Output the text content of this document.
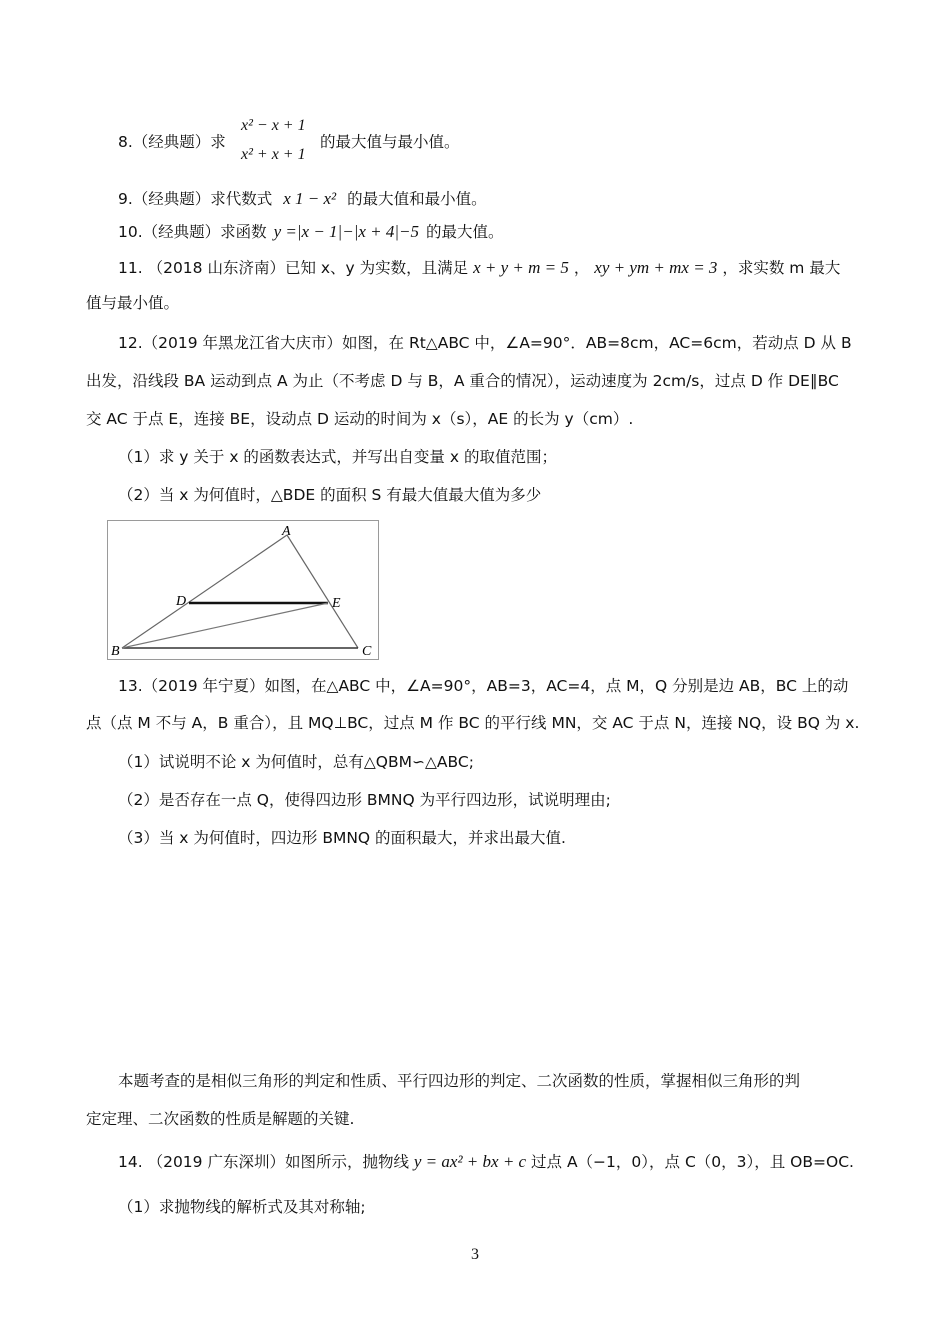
8.（经典题）求
x² − x + 1
x² + x + 1
的最大值与最小值。
9.（经典题）求代数式 x 1 − x² 的最大值和最小值。
10.（经典题）求函数 y =|x − 1|−|x + 4|−5 的最大值。
11. （2018 山东济南）已知 x、y 为实数，且满足 x + y + m = 5 ， xy + ym + mx = 3 ，求实数 m 最大
值与最小值。
12.（2019 年黑龙江省大庆市）如图，在 Rt△ABC 中，∠A=90°．AB=8cm，AC=6cm，若动点 D 从 B
出发，沿线段 BA 运动到点 A 为止（不考虑 D 与 B，A 重合的情况），运动速度为 2cm/s，过点 D 作 DE∥BC
交 AC 于点 E，连接 BE，设动点 D 运动的时间为 x（s），AE 的长为 y（cm）.
（1）求 y 关于 x 的函数表达式，并写出自变量 x 的取值范围；
（2）当 x 为何值时，△BDE 的面积 S 有最大值最大值为多少
A
B	C
D	E
13.（2019 年宁夏）如图，在△ABC 中，∠A=90°，AB=3，AC=4，点 M，Q 分别是边 AB，BC 上的动
点（点 M 不与 A，B 重合），且 MQ⊥BC，过点 M 作 BC 的平行线 MN，交 AC 于点 N，连接 NQ，设 BQ 为 x.
（1）试说明不论 x 为何值时，总有△QBM∽△ABC;
（2）是否存在一点 Q，使得四边形 BMNQ 为平行四边形，试说明理由;
（3）当 x 为何值时，四边形 BMNQ 的面积最大，并求出最大值.
本题考查的是相似三角形的判定和性质、平行四边形的判定、二次函数的性质，掌握相似三角形的判
定定理、二次函数的性质是解题的关键.
14. （2019 广东深圳）如图所示，抛物线 y = ax² + bx + c 过点 A（−1，0），点 C（0，3），且 OB=OC.
（1）求抛物线的解析式及其对称轴;
3
